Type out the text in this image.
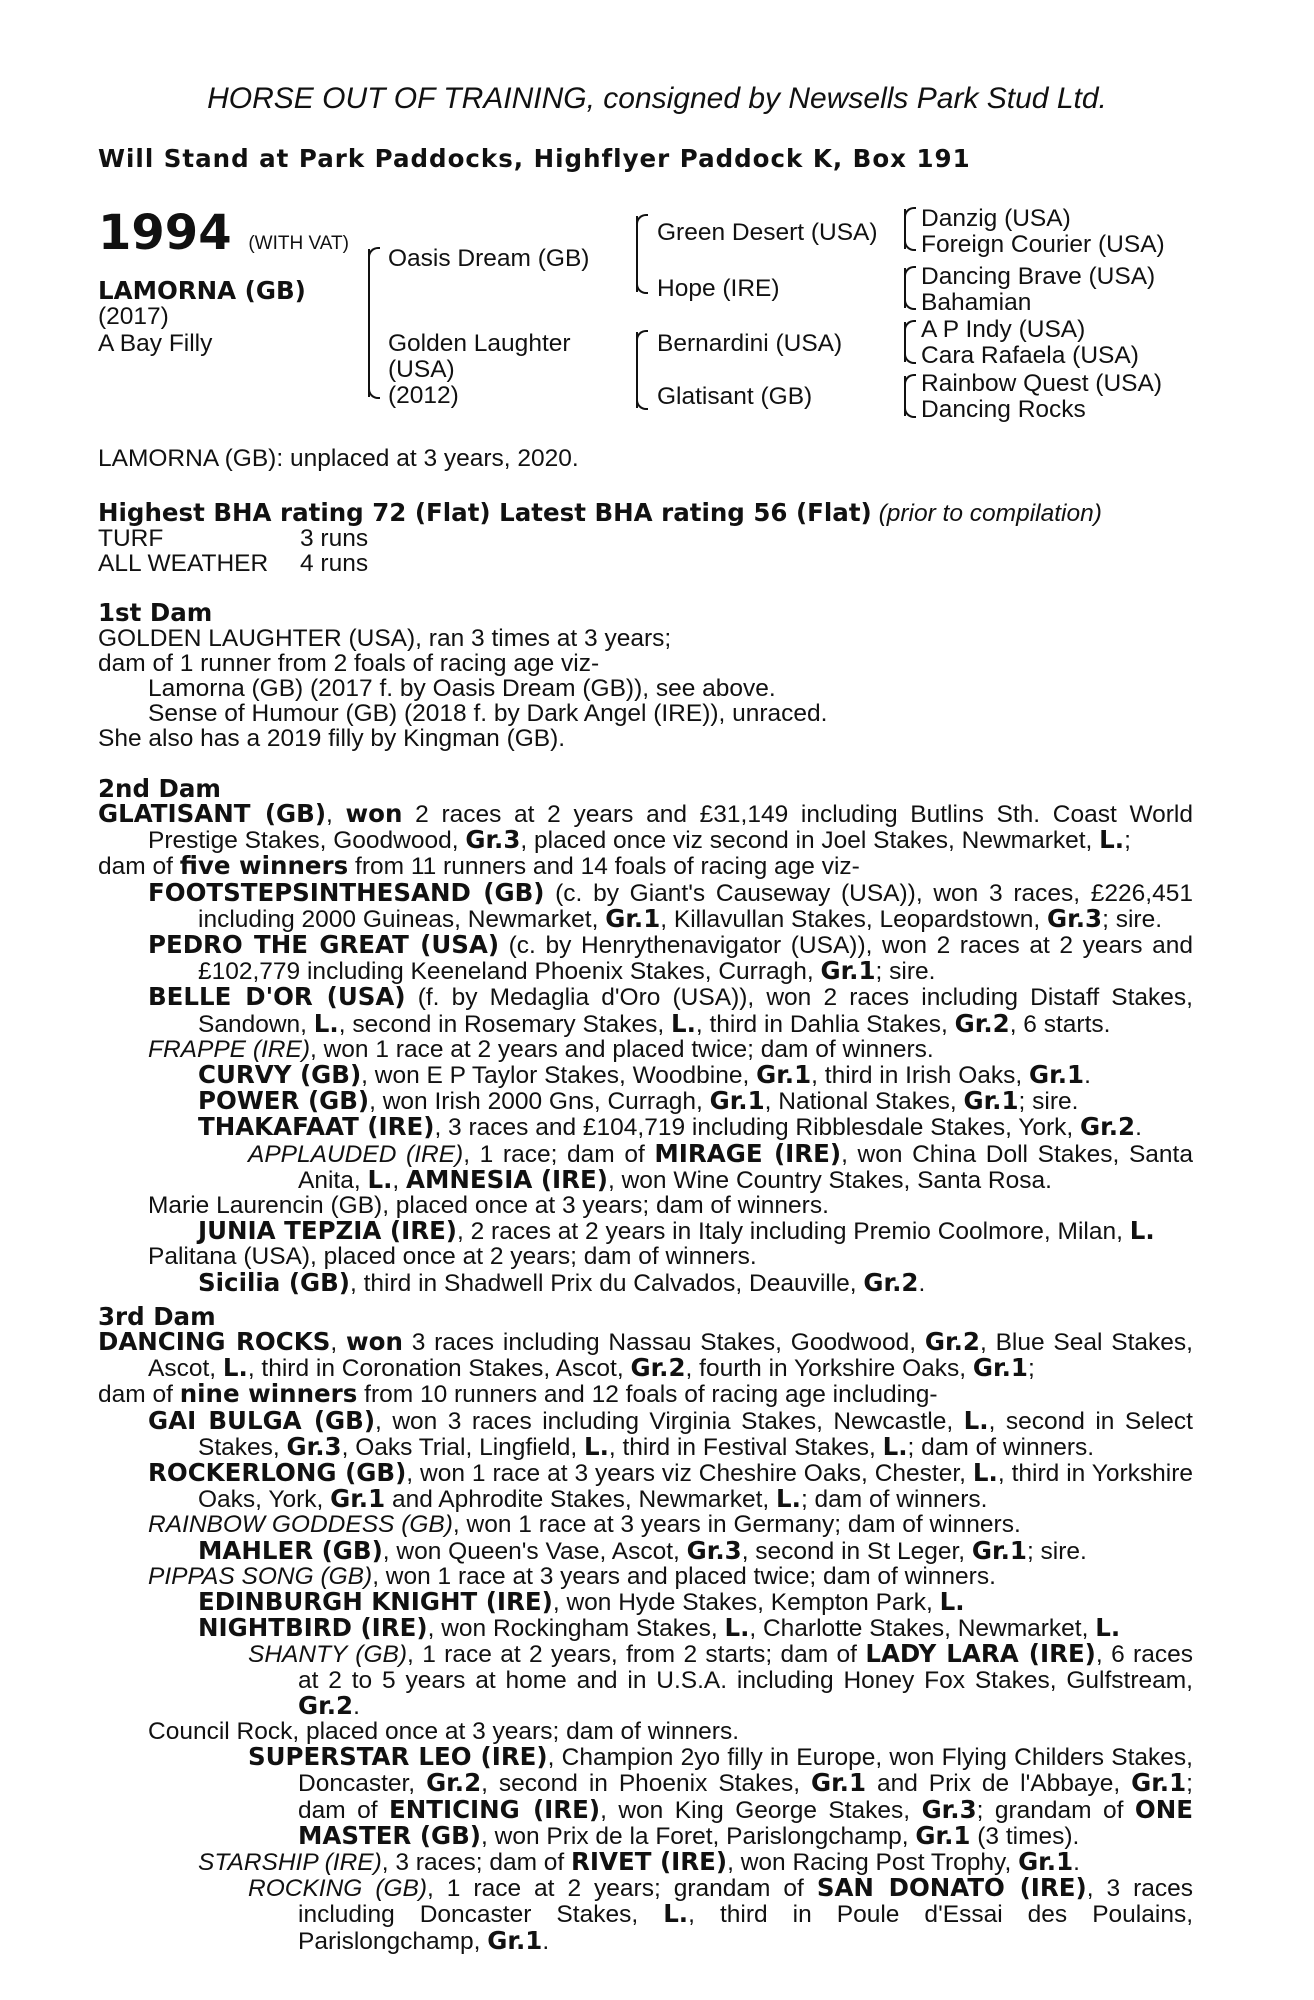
HORSE OUT OF TRAINING, consigned by Newsells Park Stud Ltd.
Will Stand at Park Paddocks, Highflyer Paddock K, Box 191
1994 (WITH VAT)
LAMORNA (GB)
(2017)
A Bay Filly
Oasis Dream (GB)
Golden Laughter
(USA)
(2012)
Green Desert (USA)
Hope (IRE)
Bernardini (USA)
Glatisant (GB)
Danzig (USA)
Foreign Courier (USA)
Dancing Brave (USA)
Bahamian
A P Indy (USA)
Cara Rafaela (USA)
Rainbow Quest (USA)
Dancing Rocks
LAMORNA (GB): unplaced at 3 years, 2020.
Highest BHA rating 72 (Flat) Latest BHA rating 56 (Flat) (prior to compilation)
TURF	3 runs
ALL WEATHER 4 runs
1st Dam
GOLDEN LAUGHTER (USA), ran 3 times at 3 years;
dam of 1 runner from 2 foals of racing age viz-
Lamorna (GB) (2017 f. by Oasis Dream (GB)), see above.
Sense of Humour (GB) (2018 f. by Dark Angel (IRE)), unraced.
She also has a 2019 filly by Kingman (GB).
2nd Dam

GLATISANT (GB), won 2 races at 2 years and £31,149 including Butlins Sth. Coast World Prestige Stakes, Goodwood, Gr.3, placed once viz second in Joel Stakes, Newmarket, L.;

dam of five winners from 11 runners and 14 foals of racing age viz-

FOOTSTEPSINTHESAND (GB) (c. by Giant's Causeway (USA)), won 3 races, £226,451 including 2000 Guineas, Newmarket, Gr.1, Killavullan Stakes, Leopardstown, Gr.3; sire.

PEDRO THE GREAT (USA) (c. by Henrythenavigator (USA)), won 2 races at 2 years and £102,779 including Keeneland Phoenix Stakes, Curragh, Gr.1; sire.

BELLE D'OR (USA) (f. by Medaglia d'Oro (USA)), won 2 races including Distaff Stakes, Sandown, L., second in Rosemary Stakes, L., third in Dahlia Stakes, Gr.2, 6 starts.

FRAPPE (IRE), won 1 race at 2 years and placed twice; dam of winners.

CURVY (GB), won E P Taylor Stakes, Woodbine, Gr.1, third in Irish Oaks, Gr.1.

POWER (GB), won Irish 2000 Gns, Curragh, Gr.1, National Stakes, Gr.1; sire.

THAKAFAAT (IRE), 3 races and £104,719 including Ribblesdale Stakes, York, Gr.2.

APPLAUDED (IRE), 1 race; dam of MIRAGE (IRE), won China Doll Stakes, Santa Anita, L., AMNESIA (IRE), won Wine Country Stakes, Santa Rosa.

Marie Laurencin (GB), placed once at 3 years; dam of winners.

JUNIA TEPZIA (IRE), 2 races at 2 years in Italy including Premio Coolmore, Milan, L.

Palitana (USA), placed once at 2 years; dam of winners.

Sicilia (GB), third in Shadwell Prix du Calvados, Deauville, Gr.2.

3rd Dam

DANCING ROCKS, won 3 races including Nassau Stakes, Goodwood, Gr.2, Blue Seal Stakes, Ascot, L., third in Coronation Stakes, Ascot, Gr.2, fourth in Yorkshire Oaks, Gr.1;

dam of nine winners from 10 runners and 12 foals of racing age including-

GAI BULGA (GB), won 3 races including Virginia Stakes, Newcastle, L., second in Select Stakes, Gr.3, Oaks Trial, Lingfield, L., third in Festival Stakes, L.; dam of winners.

ROCKERLONG (GB), won 1 race at 3 years viz Cheshire Oaks, Chester, L., third in Yorkshire Oaks, York, Gr.1 and Aphrodite Stakes, Newmarket, L.; dam of winners.

RAINBOW GODDESS (GB), won 1 race at 3 years in Germany; dam of winners.

MAHLER (GB), won Queen's Vase, Ascot, Gr.3, second in St Leger, Gr.1; sire.

PIPPAS SONG (GB), won 1 race at 3 years and placed twice; dam of winners.

EDINBURGH KNIGHT (IRE), won Hyde Stakes, Kempton Park, L.

NIGHTBIRD (IRE), won Rockingham Stakes, L., Charlotte Stakes, Newmarket, L.

SHANTY (GB), 1 race at 2 years, from 2 starts; dam of LADY LARA (IRE), 6 races at 2 to 5 years at home and in U.S.A. including Honey Fox Stakes, Gulfstream, Gr.2.

Council Rock, placed once at 3 years; dam of winners.

SUPERSTAR LEO (IRE), Champion 2yo filly in Europe, won Flying Childers Stakes, Doncaster, Gr.2, second in Phoenix Stakes, Gr.1 and Prix de l'Abbaye, Gr.1; dam of ENTICING (IRE), won King George Stakes, Gr.3; grandam of ONE MASTER (GB), won Prix de la Foret, Parislongchamp, Gr.1 (3 times).

STARSHIP (IRE), 3 races; dam of RIVET (IRE), won Racing Post Trophy, Gr.1.

ROCKING (GB), 1 race at 2 years; grandam of SAN DONATO (IRE), 3 races including Doncaster Stakes, L., third in Poule d'Essai des Poulains, Parislongchamp, Gr.1.
